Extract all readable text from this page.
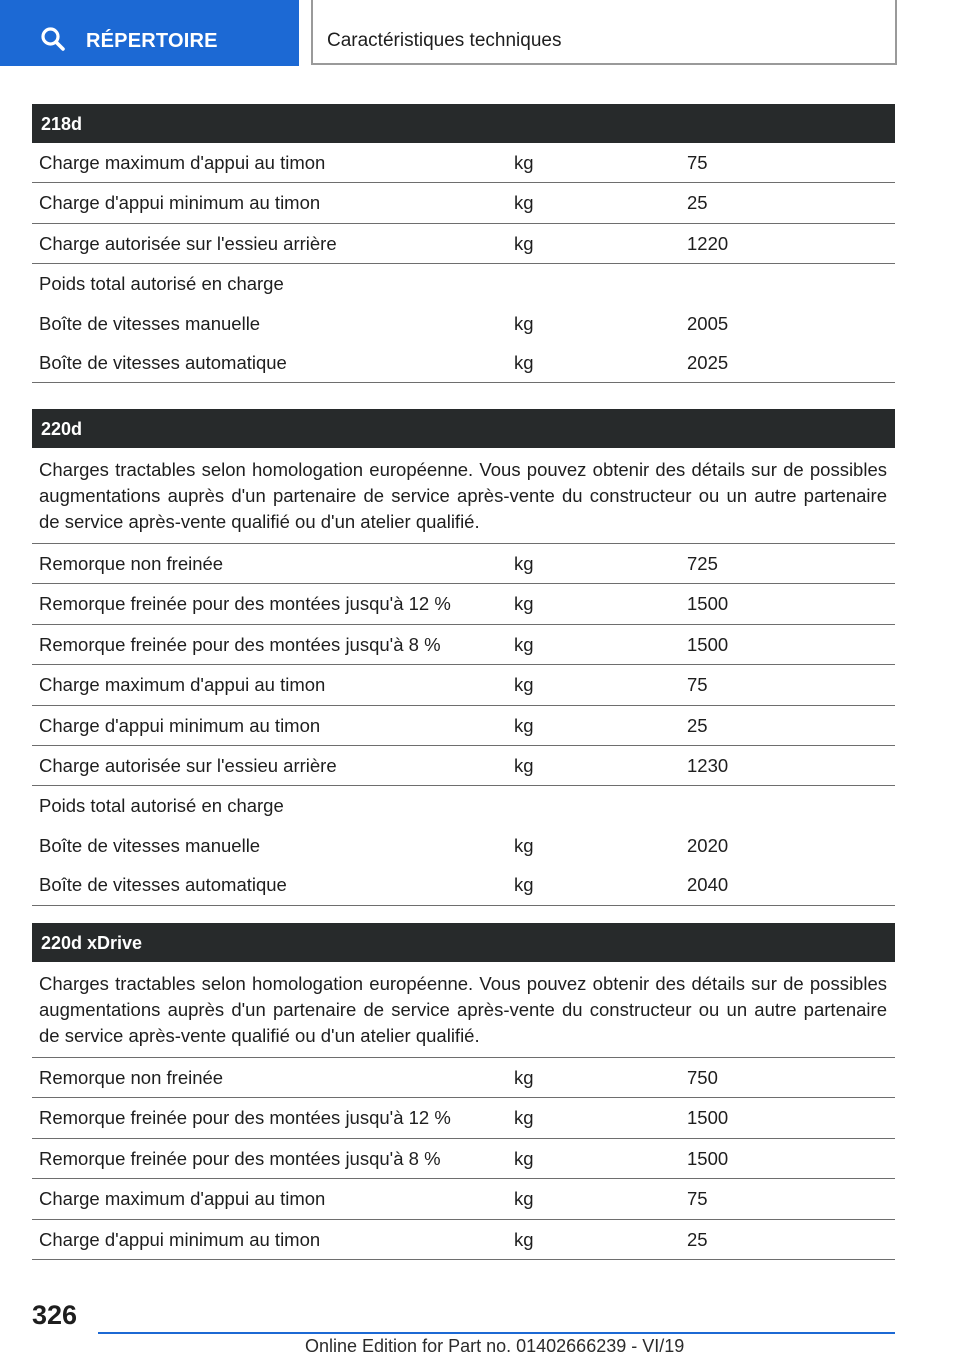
RÉPERTOIRE	Caractéristiques techniques
218d
Charge maximum d'appui au timon	kg	75
Charge d'appui minimum au timon	kg	25
Charge autorisée sur l'essieu arrière	kg	1220
Poids total autorisé en charge
Boîte de vitesses manuelle	kg	2005
Boîte de vitesses automatique	kg	2025
220d
Charges tractables selon homologation européenne. Vous pouvez obtenir des détails sur de possibles augmentations auprès d'un partenaire de service après-vente du constructeur ou un autre partenaire de service après-vente qualifié ou d'un atelier qualifié.
Remorque non freinée	kg	725
Remorque freinée pour des montées jusqu'à 12 %	kg	1500
Remorque freinée pour des montées jusqu'à 8 %	kg	1500
Charge maximum d'appui au timon	kg	75
Charge d'appui minimum au timon	kg	25
Charge autorisée sur l'essieu arrière	kg	1230
Poids total autorisé en charge
Boîte de vitesses manuelle	kg	2020
Boîte de vitesses automatique	kg	2040
220d xDrive
Charges tractables selon homologation européenne. Vous pouvez obtenir des détails sur de possibles augmentations auprès d'un partenaire de service après-vente du constructeur ou un autre partenaire de service après-vente qualifié ou d'un atelier qualifié.
Remorque non freinée	kg	750
Remorque freinée pour des montées jusqu'à 12 %	kg	1500
Remorque freinée pour des montées jusqu'à 8 %	kg	1500
Charge maximum d'appui au timon	kg	75
Charge d'appui minimum au timon	kg	25
326
Online Edition for Part no. 01402666239 - VI/19
